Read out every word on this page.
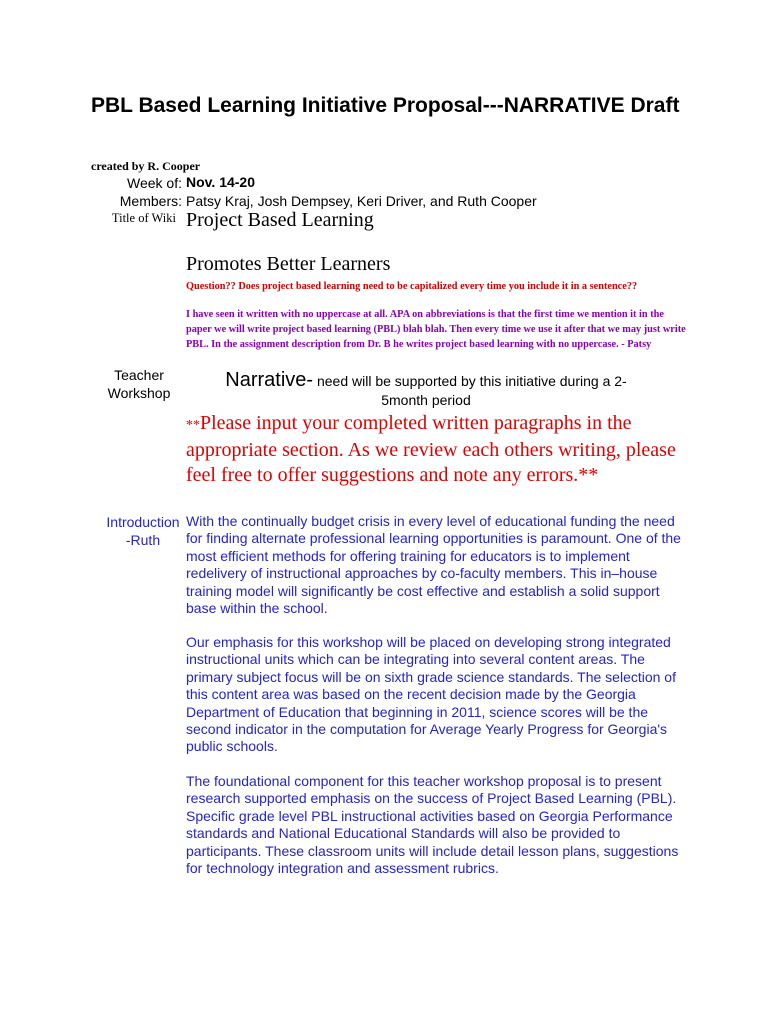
PBL Based Learning Initiative Proposal---NARRATIVE Draft
created by R. Cooper
Week of: Nov. 14-20
Members: Patsy Kraj, Josh Dempsey, Keri Driver, and Ruth Cooper
Title of Wiki Project Based Learning
Promotes Better Learners
Question?? Does project based learning need to be capitalized every time you include it in a sentence??
I have seen it written with no uppercase at all. APA on abbreviations is that the first time we mention it in the paper we will write project based learning (PBL) blah blah. Then every time we use it after that we may just write PBL. In the assignment description from Dr. B he writes project based learning with no uppercase. - Patsy
Teacher
Workshop
Narrative- need will be supported by this initiative during a 2-
5month period
**Please input your completed written paragraphs in the appropriate section. As we review each others writing, please feel free to offer suggestions and note any errors.**
Introduction
-Ruth

With the continually budget crisis in every level of educational funding the need for finding alternate professional learning opportunities is paramount. One of the most efficient methods for offering training for educators is to implement redelivery of instructional approaches by co-faculty members. This in–house training model will significantly be cost effective and establish a solid support base within the school.

Our emphasis for this workshop will be placed on developing strong integrated instructional units which can be integrating into several content areas. The primary subject focus will be on sixth grade science standards. The selection of this content area was based on the recent decision made by the Georgia Department of Education that beginning in 2011, science scores will be the second indicator in the computation for Average Yearly Progress for Georgia's public schools.

The foundational component for this teacher workshop proposal is to present research supported emphasis on the success of Project Based Learning (PBL). Specific grade level PBL instructional activities based on Georgia Performance standards and National Educational Standards will also be provided to participants. These classroom units will include detail lesson plans, suggestions for technology integration and assessment rubrics.
